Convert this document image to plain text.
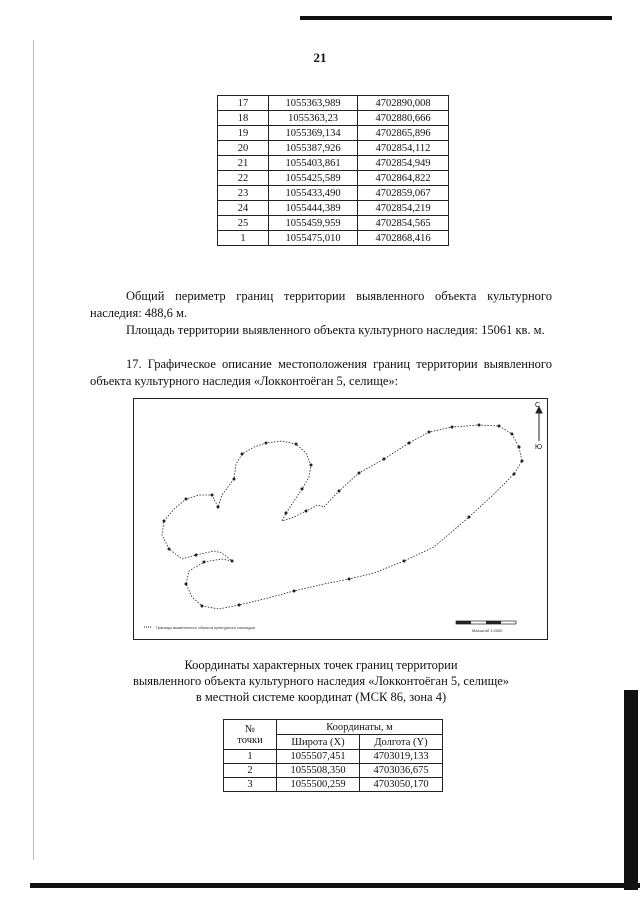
21
17	1055363,989	4702890,008
18	1055363,23	4702880,666
19	1055369,134	4702865,896
20	1055387,926	4702854,112
21	1055403,861	4702854,949
22	1055425,589	4702864,822
23	1055433,490	4702859,067
24	1055444,389	4702854,219
25	1055459,959	4702854,565
1	1055475,010	4702868,416
Общий периметр границ территории выявленного объекта культурного наследия: 488,6 м.
Площадь территории выявленного объекта культурного наследия: 15061 кв. м.
17. Графическое описание местоположения границ территории выявленного объекта культурного наследия «Локконтоёган 5, селище»:
С
Ю
Масштаб 1:2000
Границы выявленного объекта культурного наследия
Координаты характерных точек границ территории
выявленного объекта культурного наследия «Локконтоёган 5, селище»
в местной системе координат (МСК 86, зона 4)
№
точки	Координаты, м	
	Широта (X)	Долгота (Y)
1	1055507,451	4703019,133
2	1055508,350	4703036,675
3	1055500,259	4703050,170
